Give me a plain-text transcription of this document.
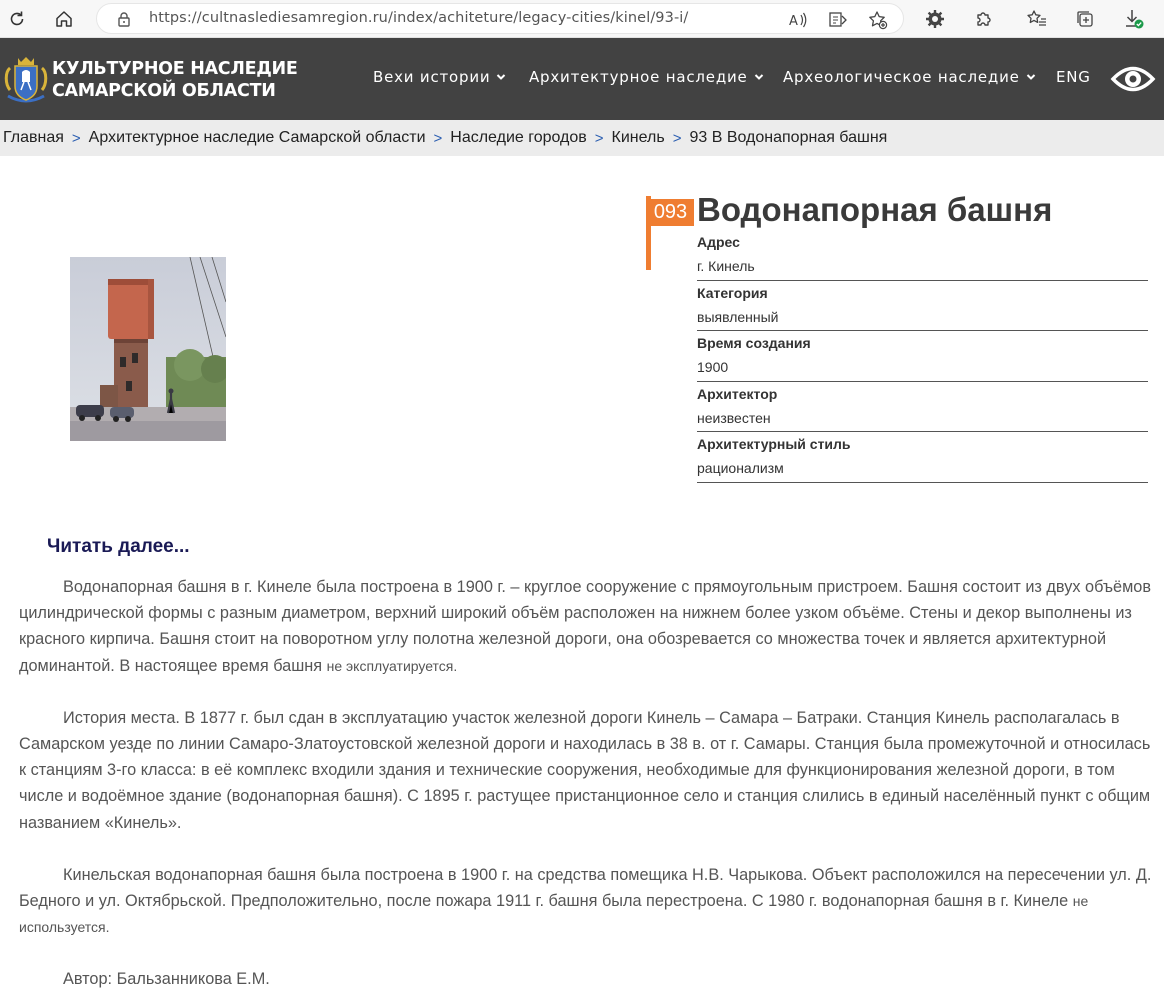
https://cultnaslediesamregion.ru/index/achiteture/legacy-cities/kinel/93-i/	A
КУЛЬТУРНОЕ НАСЛЕДИЕ
САМАРСКОЙ ОБЛАСТИ
Вехи истории	Архитектурное наследие Археологическое наследие ENG
Главная > Архитектурное наследие Самарской области > Наследие городов > Кинель > 93 В Водонапорная башня
093 Водонапорная башня
Адрес
г. Кинель
Категория
выявленный
Время создания
1900
Архитектор
неизвестен
Архитектурный стиль
рационализм
Читать далее...

Водонапорная башня в г. Кинеле была построена в 1900 г. – круглое сооружение с прямоугольным пристроем. Башня состоит из двух объёмов цилиндрической формы с разным диаметром, верхний широкий объём расположен на нижнем более узком объёме. Стены и декор выполнены из красного кирпича. Башня стоит на поворотном углу полотна железной дороги, она обозревается со множества точек и является архитектурной доминантой. В настоящее время башня не эксплуатируется.

История места. В 1877 г. был сдан в эксплуатацию участок железной дороги Кинель – Самара – Батраки. Станция Кинель располагалась в Самарском уезде по линии Самаро-Златоустовской железной дороги и находилась в 38 в. от г. Самары. Станция была промежуточной и относилась к станциям 3-го класса: в её комплекс входили здания и технические сооружения, необходимые для функционирования железной дороги, в том числе и водоёмное здание (водонапорная башня). С 1895 г. растущее пристанционное село и станция слились в единый населённый пункт с общим названием «Кинель».

Кинельская водонапорная башня была построена в 1900 г. на средства помещика Н.В. Чарыкова. Объект расположился на пересечении ул. Д. Бедного и ул. Октябрьской. Предположительно, после пожара 1911 г. башня была перестроена. С 1980 г. водонапорная башня в г. Кинеле не используется.

Автор: Бальзанникова Е.М.
